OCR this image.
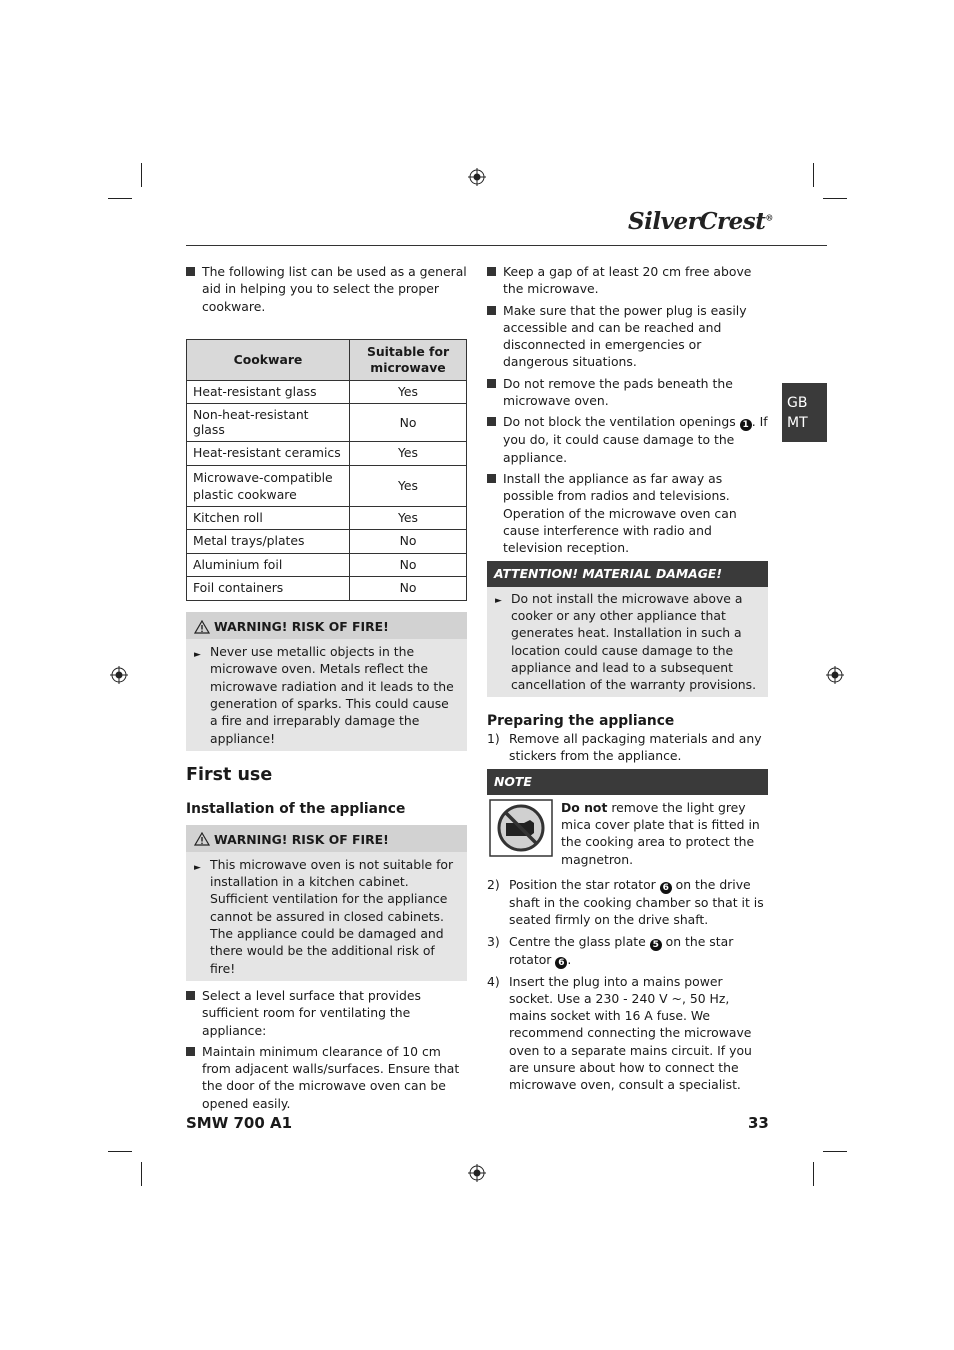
SilverCrest®
GB
MT
The following list can be used as a general aid in helping you to select the proper cookware.
Cookware	Suitable for microwave
Heat-resistant glass	Yes
Non-heat-resistant glass	No
Heat-resistant ceramics	Yes
Microwave-compatible plastic cookware	Yes
Kitchen roll	Yes
Metal trays/plates	No
Aluminium foil	No
Foil containers	No
WARNING! RISK OF FIRE!
► Never use metallic objects in the microwave oven. Metals reflect the microwave radiation and it leads to the generation of sparks. This could cause a fire and irreparably damage the appliance!

First use

Installation of the appliance

WARNING! RISK OF FIRE!
► This microwave oven is not suitable for installation in a kitchen cabinet. Sufficient ventilation for the appliance cannot be assured in closed cabinets. The appliance could be damaged and there would be the additional risk of fire!

Select a level surface that provides sufficient room for ventilating the appliance:
Maintain minimum clearance of 10 cm from adjacent walls/surfaces. Ensure that the door of the microwave oven can be opened easily.
Keep a gap of at least 20 cm free above the microwave.
Make sure that the power plug is easily accessible and can be reached and disconnected in emergencies or dangerous situations.
Do not remove the pads beneath the microwave oven.
Do not block the ventilation openings 1 . If you do, it could cause damage to the appliance.
Install the appliance as far away as possible from radios and televisions. Operation of the microwave oven can cause interference with radio and television reception.
ATTENTION! MATERIAL DAMAGE!
► Do not install the microwave above a cooker or any other appliance that generates heat. Installation in such a location could cause damage to the appliance and lead to a subsequent cancellation of the warranty provisions.

Preparing the appliance

1) Remove all packaging materials and any stickers from the appliance.
NOTE
Do not remove the light grey mica cover plate that is fitted in the cooking area to protect the magnetron.
2) Position the star rotator 6 on the drive shaft in the cooking chamber so that it is seated firmly on the drive shaft.
3) Centre the glass plate 5 on the star rotator 6 .
4) Insert the plug into a mains power socket. Use a 230 - 240 V ~, 50 Hz, mains socket with 16 A fuse. We recommend connecting the microwave oven to a separate mains circuit. If you are unsure about how to connect the microwave oven, consult a specialist.
SMW 700 A1	33
